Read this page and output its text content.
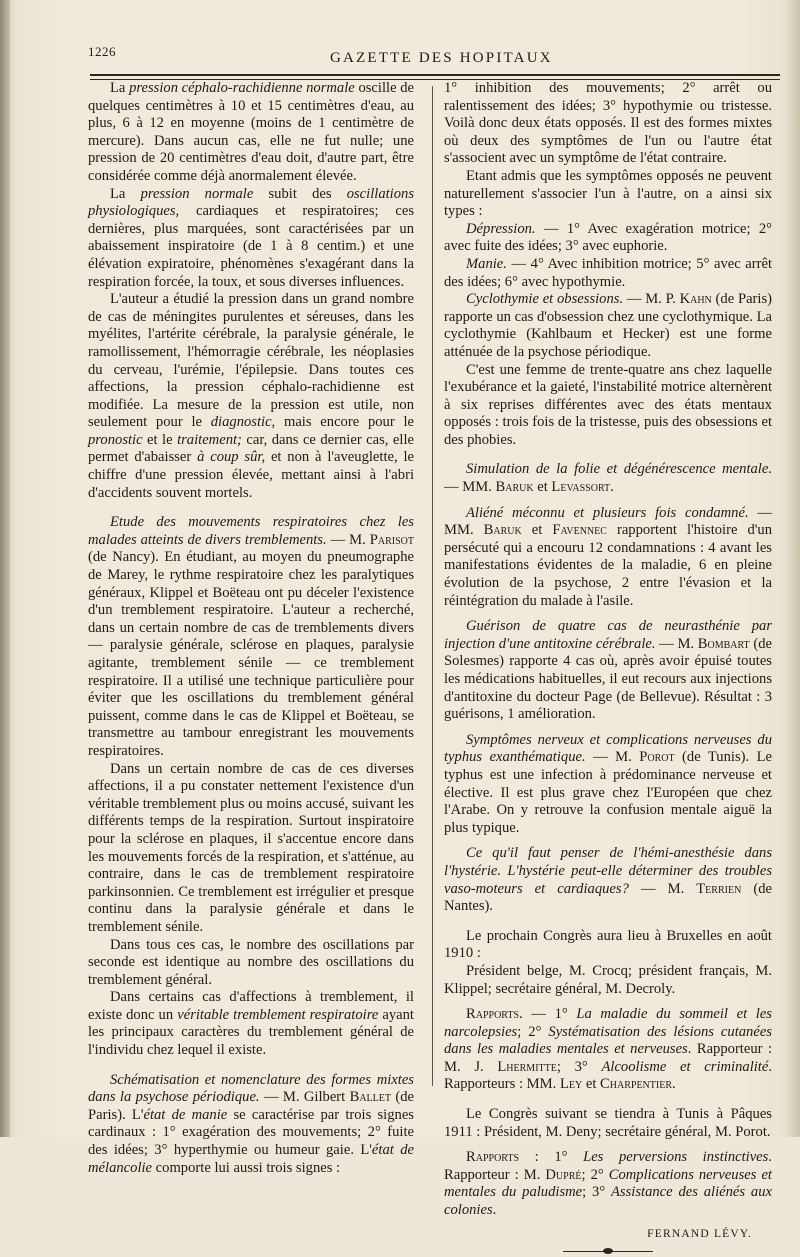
1226	GAZETTE DES HOPITAUX

La pression céphalo-rachidienne normale oscille de quelques centimètres à 10 et 15 centimètres d'eau, au plus, 6 à 12 en moyenne (moins de 1 centimètre de mercure). Dans aucun cas, elle ne fut nulle; une pression de 20 centimètres d'eau doit, d'autre part, être considérée comme déjà anormalement élevée.

La pression normale subit des oscillations physiologiques, cardiaques et respiratoires; ces dernières, plus marquées, sont caractérisées par un abaissement inspiratoire (de 1 à 8 centim.) et une élévation expiratoire, phénomènes s'exagérant dans la respiration forcée, la toux, et sous diverses influences.

L'auteur a étudié la pression dans un grand nombre de cas de méningites purulentes et séreuses, dans les myélites, l'artérite cérébrale, la paralysie générale, le ramollissement, l'hémorragie cérébrale, les néoplasies du cerveau, l'urémie, l'épilepsie. Dans toutes ces affections, la pression céphalo-rachidienne est modifiée. La mesure de la pression est utile, non seulement pour le diagnostic, mais encore pour le pronostic et le traitement; car, dans ce dernier cas, elle permet d'abaisser à coup sûr, et non à l'aveuglette, le chiffre d'une pression élevée, mettant ainsi à l'abri d'accidents souvent mortels.

Etude des mouvements respiratoires chez les malades atteints de divers tremblements. — M. Parisot (de Nancy). En étudiant, au moyen du pneumographe de Marey, le rythme respiratoire chez les paralytiques généraux, Klippel et Boëteau ont pu déceler l'existence d'un tremblement respiratoire. L'auteur a recherché, dans un certain nombre de cas de tremblements divers — paralysie générale, sclérose en plaques, paralysie agitante, tremblement sénile — ce tremblement respiratoire. Il a utilisé une technique particulière pour éviter que les oscillations du tremblement général puissent, comme dans le cas de Klippel et Boëteau, se transmettre au tambour enregistrant les mouvements respiratoires.

Dans un certain nombre de cas de ces diverses affections, il a pu constater nettement l'existence d'un véritable tremblement plus ou moins accusé, suivant les différents temps de la respiration. Surtout inspiratoire pour la sclérose en plaques, il s'accentue encore dans les mouvements forcés de la respiration, et s'atténue, au contraire, dans le cas de tremblement respiratoire parkinsonnien. Ce tremblement est irrégulier et presque continu dans la paralysie générale et dans le tremblement sénile.

Dans tous ces cas, le nombre des oscillations par seconde est identique au nombre des oscillations du tremblement général.

Dans certains cas d'affections à tremblement, il existe donc un véritable tremblement respiratoire ayant les principaux caractères du tremblement général de l'individu chez lequel il existe.

Schématisation et nomenclature des formes mixtes dans la psychose périodique. — M. Gilbert Ballet (de Paris). L'état de manie se caractérise par trois signes cardinaux : 1° exagération des mouvements; 2° fuite des idées; 3° hyperthymie ou humeur gaie. L'état de mélancolie comporte lui aussi trois signes :

1° inhibition des mouvements; 2° arrêt ou ralentissement des idées; 3° hypothymie ou tristesse. Voilà donc deux états opposés. Il est des formes mixtes où deux des symptômes de l'un ou l'autre état s'associent avec un symptôme de l'état contraire.

Etant admis que les symptômes opposés ne peuvent naturellement s'associer l'un à l'autre, on a ainsi six types :

Dépression. — 1° Avec exagération motrice; 2° avec fuite des idées; 3° avec euphorie.

Manie. — 4° Avec inhibition motrice; 5° avec arrêt des idées; 6° avec hypothymie.

Cyclothymie et obsessions. — M. P. Kahn (de Paris) rapporte un cas d'obsession chez une cyclothymique. La cyclothymie (Kahlbaum et Hecker) est une forme atténuée de la psychose périodique.

C'est une femme de trente-quatre ans chez laquelle l'exubérance et la gaieté, l'instabilité motrice alternèrent à six reprises différentes avec des états mentaux opposés : trois fois de la tristesse, puis des obsessions et des phobies.

Simulation de la folie et dégénérescence mentale. — MM. Baruk et Levassort.

Aliéné méconnu et plusieurs fois condamné. — MM. Baruk et Favennec rapportent l'histoire d'un persécuté qui a encouru 12 condamnations : 4 avant les manifestations évidentes de la maladie, 6 en pleine évolution de la psychose, 2 entre l'évasion et la réintégration du malade à l'asile.

Guérison de quatre cas de neurasthénie par injection d'une antitoxine cérébrale. — M. Bombart (de Solesmes) rapporte 4 cas où, après avoir épuisé toutes les médications habituelles, il eut recours aux injections d'antitoxine du docteur Page (de Bellevue). Résultat : 3 guérisons, 1 amélioration.

Symptômes nerveux et complications nerveuses du typhus exanthématique. — M. Porot (de Tunis). Le typhus est une infection à prédominance nerveuse et élective. Il est plus grave chez l'Européen que chez l'Arabe. On y retrouve la confusion mentale aiguë la plus typique.

Ce qu'il faut penser de l'hémi-anesthésie dans l'hystérie. L'hystérie peut-elle déterminer des troubles vaso-moteurs et cardiaques? — M. Terrien (de Nantes).

Le prochain Congrès aura lieu à Bruxelles en août 1910 :

Président belge, M. Crocq; président français, M. Klippel; secrétaire général, M. Decroly.

Rapports. — 1° La maladie du sommeil et les narcolepsies; 2° Systématisation des lésions cutanées dans les maladies mentales et nerveuses. Rapporteur : M. J. Lhermitte; 3° Alcoolisme et criminalité. Rapporteurs : MM. Ley et Charpentier.

Le Congrès suivant se tiendra à Tunis à Pâques 1911 : Président, M. Deny; secrétaire général, M. Porot.

Rapports : 1° Les perversions instinctives. Rapporteur : M. Dupré; 2° Complications nerveuses et mentales du paludisme; 3° Assistance des aliénés aux colonies.

FERNAND LÉVY.
